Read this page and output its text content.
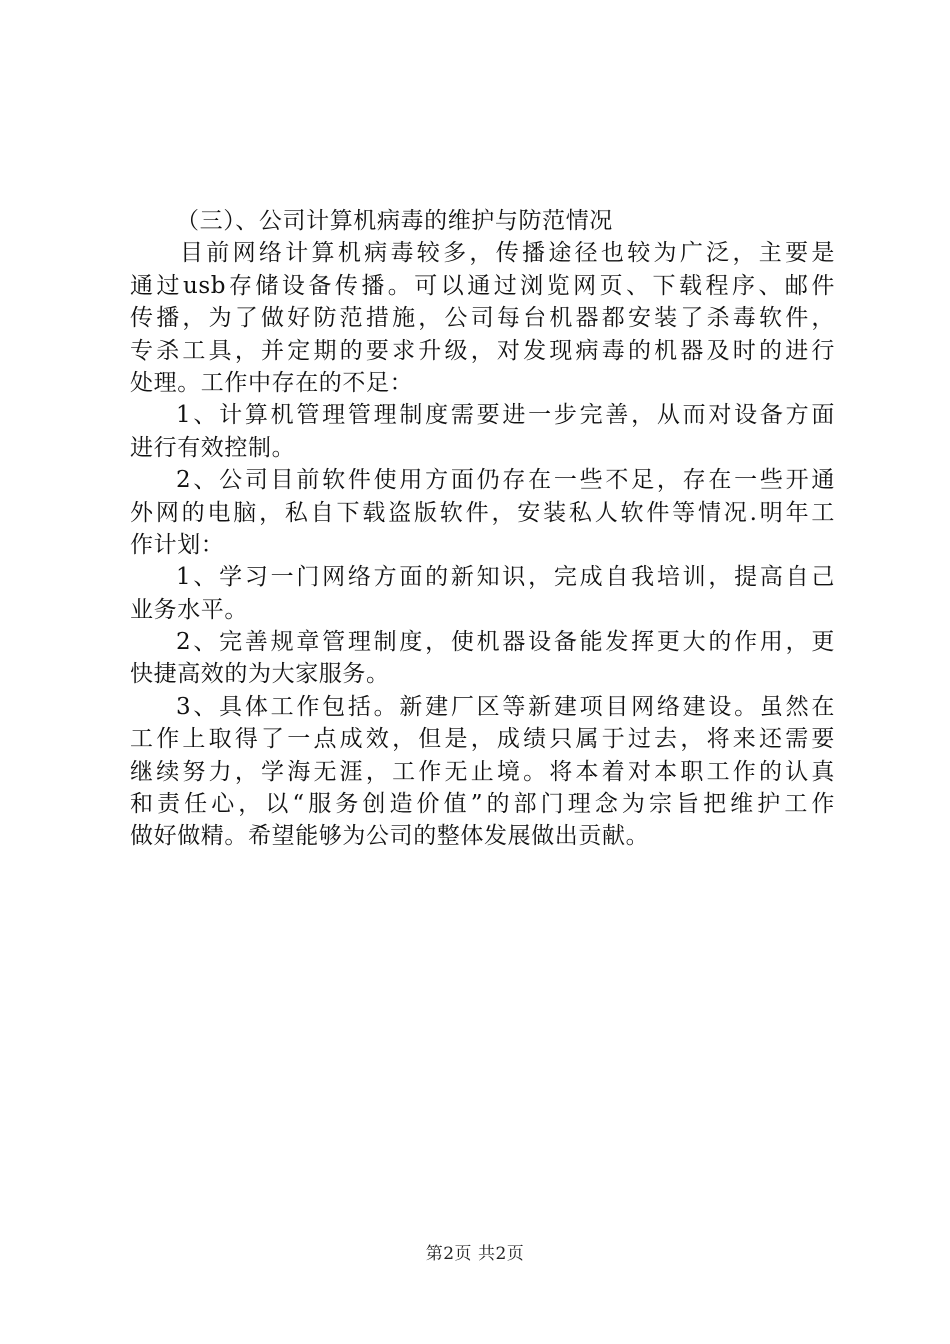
（三）、公司计算机病毒的维护与防范情况
目前网络计算机病毒较多，传播途径也较为广泛，主要是
通过usb存储设备传播。可以通过浏览网页、下载程序、邮件
传播，为了做好防范措施，公司每台机器都安装了杀毒软件，
专杀工具，并定期的要求升级，对发现病毒的机器及时的进行
处理。工作中存在的不足：
1、计算机管理管理制度需要进一步完善，从而对设备方面
进行有效控制。
2、公司目前软件使用方面仍存在一些不足，存在一些开通
外网的电脑，私自下载盗版软件，安装私人软件等情况.明年工
作计划：
1、学习一门网络方面的新知识，完成自我培训，提高自己
业务水平。
2、完善规章管理制度，使机器设备能发挥更大的作用，更
快捷高效的为大家服务。
3、具体工作包括。新建厂区等新建项目网络建设。虽然在
工作上取得了一点成效，但是，成绩只属于过去，将来还需要
继续努力，学海无涯，工作无止境。将本着对本职工作的认真
和责任心，以“服务创造价值”的部门理念为宗旨把维护工作
做好做精。希望能够为公司的整体发展做出贡献。
第2页 共2页
